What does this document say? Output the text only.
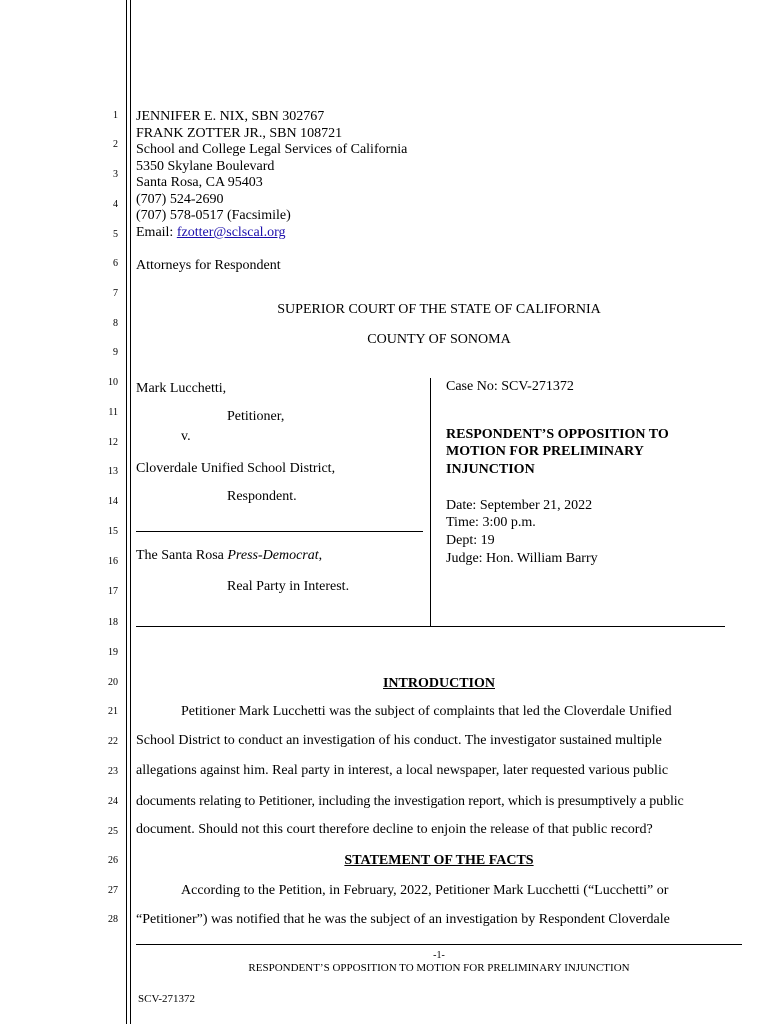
1
2
3
4
5
6
7
8
9
10
11
12
13
14
15
16
17
18
19
20
21
22
23
24
25
26
27
28
JENNIFER E. NIX, SBN 302767
FRANK ZOTTER JR., SBN 108721
School and College Legal Services of California
5350 Skylane Boulevard
Santa Rosa, CA 95403
(707) 524-2690
(707) 578-0517 (Facsimile)
Email: fzotter@sclscal.org
Attorneys for Respondent
SUPERIOR COURT OF THE STATE OF CALIFORNIA
COUNTY OF SONOMA
Mark Lucchetti,
Petitioner,
v.
Cloverdale Unified School District,
Respondent.
The Santa Rosa Press-Democrat,
Real Party in Interest.
Case No: SCV-271372
RESPONDENT’S OPPOSITION TO
MOTION FOR PRELIMINARY
INJUNCTION
Date: September 21, 2022
Time: 3:00 p.m.
Dept: 19
Judge: Hon. William Barry
INTRODUCTION
Petitioner Mark Lucchetti was the subject of complaints that led the Cloverdale Unified
School District to conduct an investigation of his conduct. The investigator sustained multiple
allegations against him. Real party in interest, a local newspaper, later requested various public
documents relating to Petitioner, including the investigation report, which is presumptively a public
document. Should not this court therefore decline to enjoin the release of that public record?
STATEMENT OF THE FACTS
According to the Petition, in February, 2022, Petitioner Mark Lucchetti (“Lucchetti” or
“Petitioner”) was notified that he was the subject of an investigation by Respondent Cloverdale
-1-
RESPONDENT’S OPPOSITION TO MOTION FOR PRELIMINARY INJUNCTION
SCV-271372
